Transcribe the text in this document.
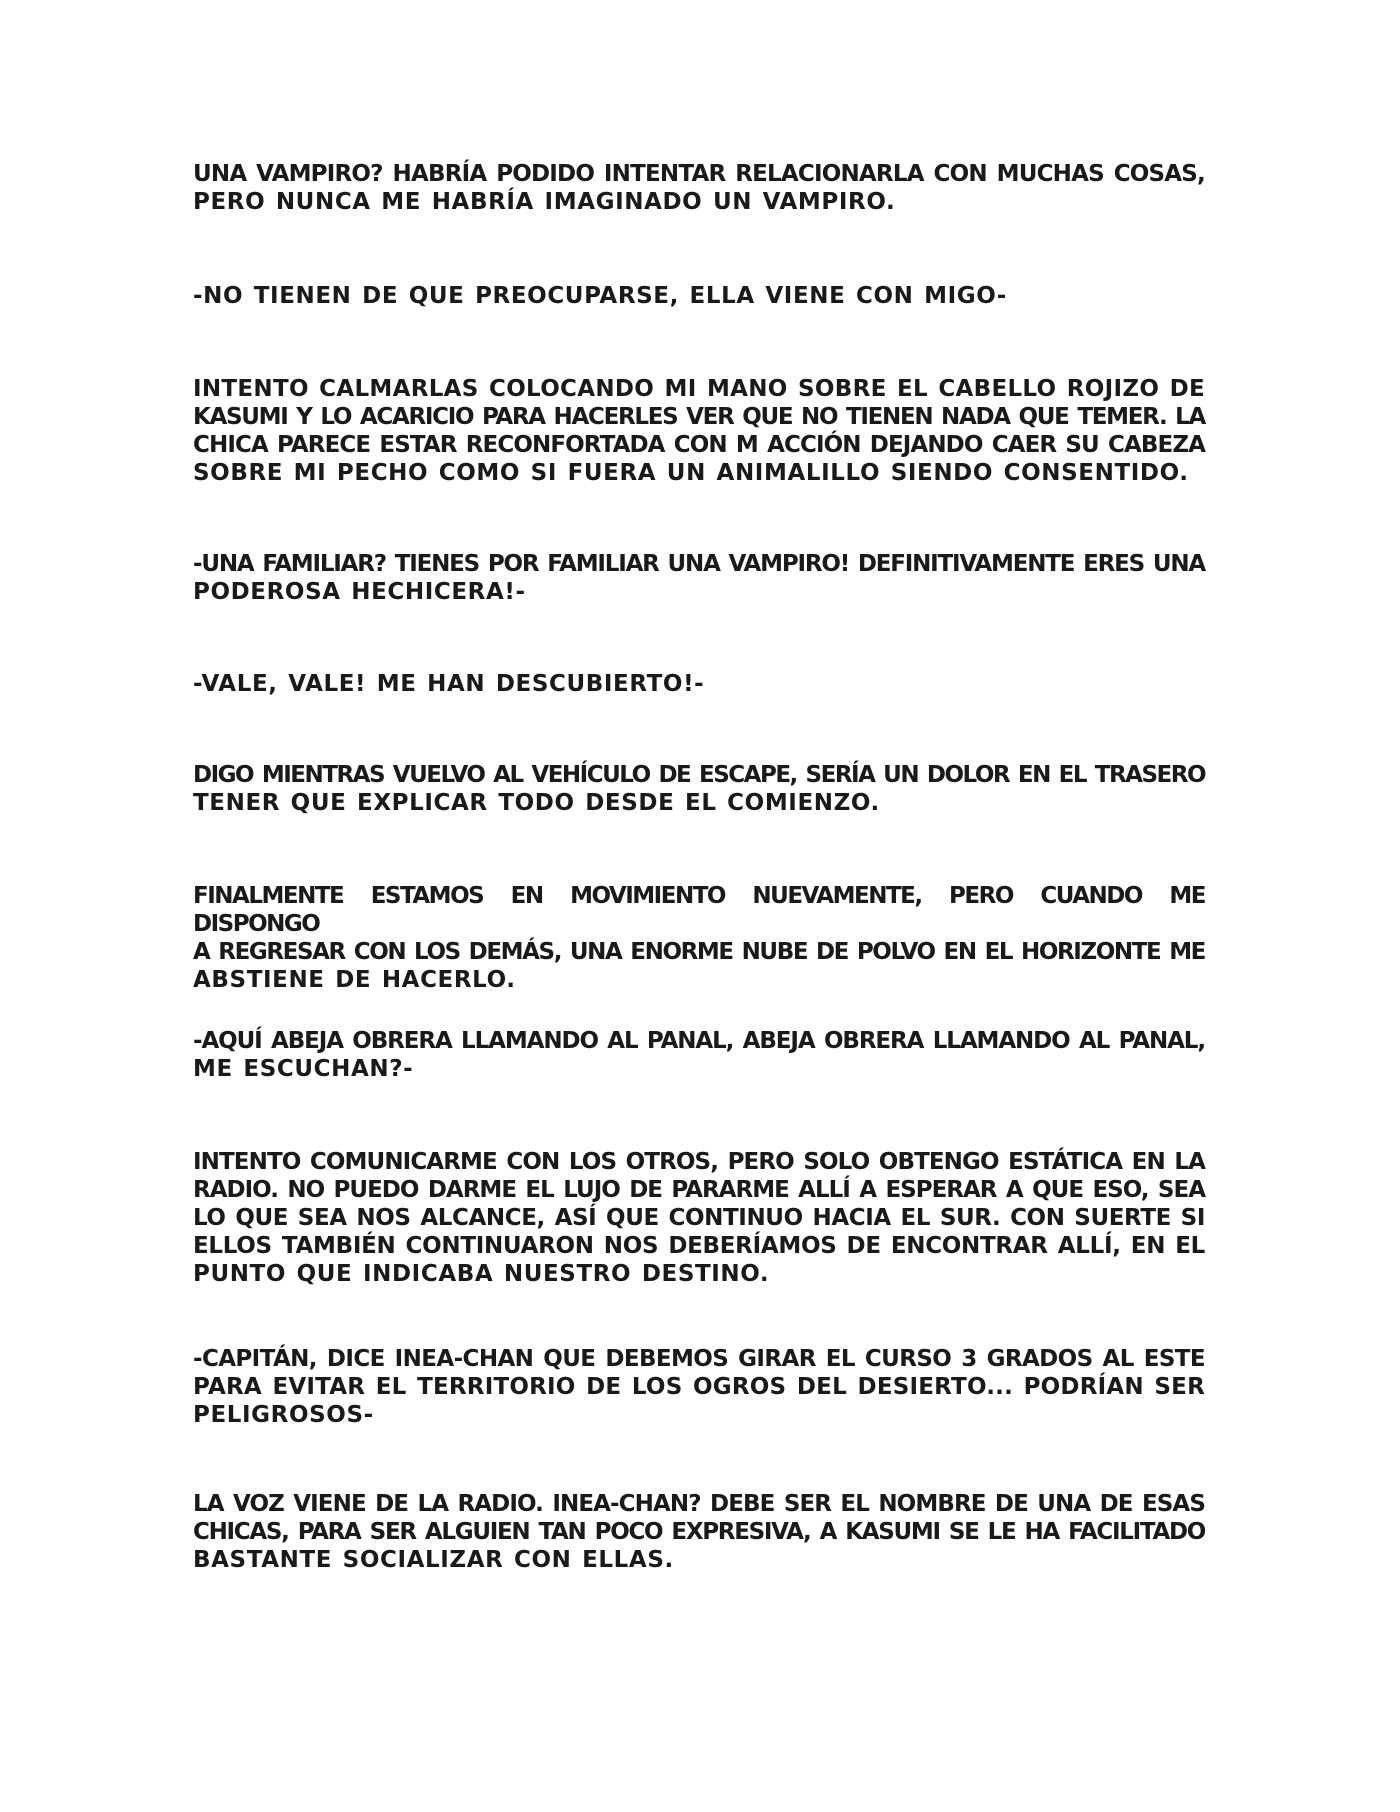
UNA VAMPIRO? HABRÍA PODIDO INTENTAR RELACIONARLA CON MUCHAS COSAS,
PERO NUNCA ME HABRÍA IMAGINADO UN VAMPIRO.
-NO TIENEN DE QUE PREOCUPARSE, ELLA VIENE CON MIGO-
INTENTO CALMARLAS COLOCANDO MI MANO SOBRE EL CABELLO ROJIZO DE
KASUMI Y LO ACARICIO PARA HACERLES VER QUE NO TIENEN NADA QUE TEMER. LA
CHICA PARECE ESTAR RECONFORTADA CON M ACCIÓN DEJANDO CAER SU CABEZA
SOBRE MI PECHO COMO SI FUERA UN ANIMALILLO SIENDO CONSENTIDO.
-UNA FAMILIAR? TIENES POR FAMILIAR UNA VAMPIRO! DEFINITIVAMENTE ERES UNA
PODEROSA HECHICERA!-
-VALE, VALE! ME HAN DESCUBIERTO!-
DIGO MIENTRAS VUELVO AL VEHÍCULO DE ESCAPE, SERÍA UN DOLOR EN EL TRASERO
TENER QUE EXPLICAR TODO DESDE EL COMIENZO.
FINALMENTE ESTAMOS EN MOVIMIENTO NUEVAMENTE, PERO CUANDO ME DISPONGO
A REGRESAR CON LOS DEMÁS, UNA ENORME NUBE DE POLVO EN EL HORIZONTE ME
ABSTIENE DE HACERLO.
-AQUÍ ABEJA OBRERA LLAMANDO AL PANAL, ABEJA OBRERA LLAMANDO AL PANAL,
ME ESCUCHAN?-
INTENTO COMUNICARME CON LOS OTROS, PERO SOLO OBTENGO ESTÁTICA EN LA
RADIO. NO PUEDO DARME EL LUJO DE PARARME ALLÍ A ESPERAR A QUE ESO, SEA
LO QUE SEA NOS ALCANCE, ASÍ QUE CONTINUO HACIA EL SUR. CON SUERTE SI
ELLOS TAMBIÉN CONTINUARON NOS DEBERÍAMOS DE ENCONTRAR ALLÍ, EN EL
PUNTO QUE INDICABA NUESTRO DESTINO.
-CAPITÁN, DICE INEA-CHAN QUE DEBEMOS GIRAR EL CURSO 3 GRADOS AL ESTE
PARA EVITAR EL TERRITORIO DE LOS OGROS DEL DESIERTO... PODRÍAN SER
PELIGROSOS-
LA VOZ VIENE DE LA RADIO. INEA-CHAN? DEBE SER EL NOMBRE DE UNA DE ESAS
CHICAS, PARA SER ALGUIEN TAN POCO EXPRESIVA, A KASUMI SE LE HA FACILITADO
BASTANTE SOCIALIZAR CON ELLAS.
